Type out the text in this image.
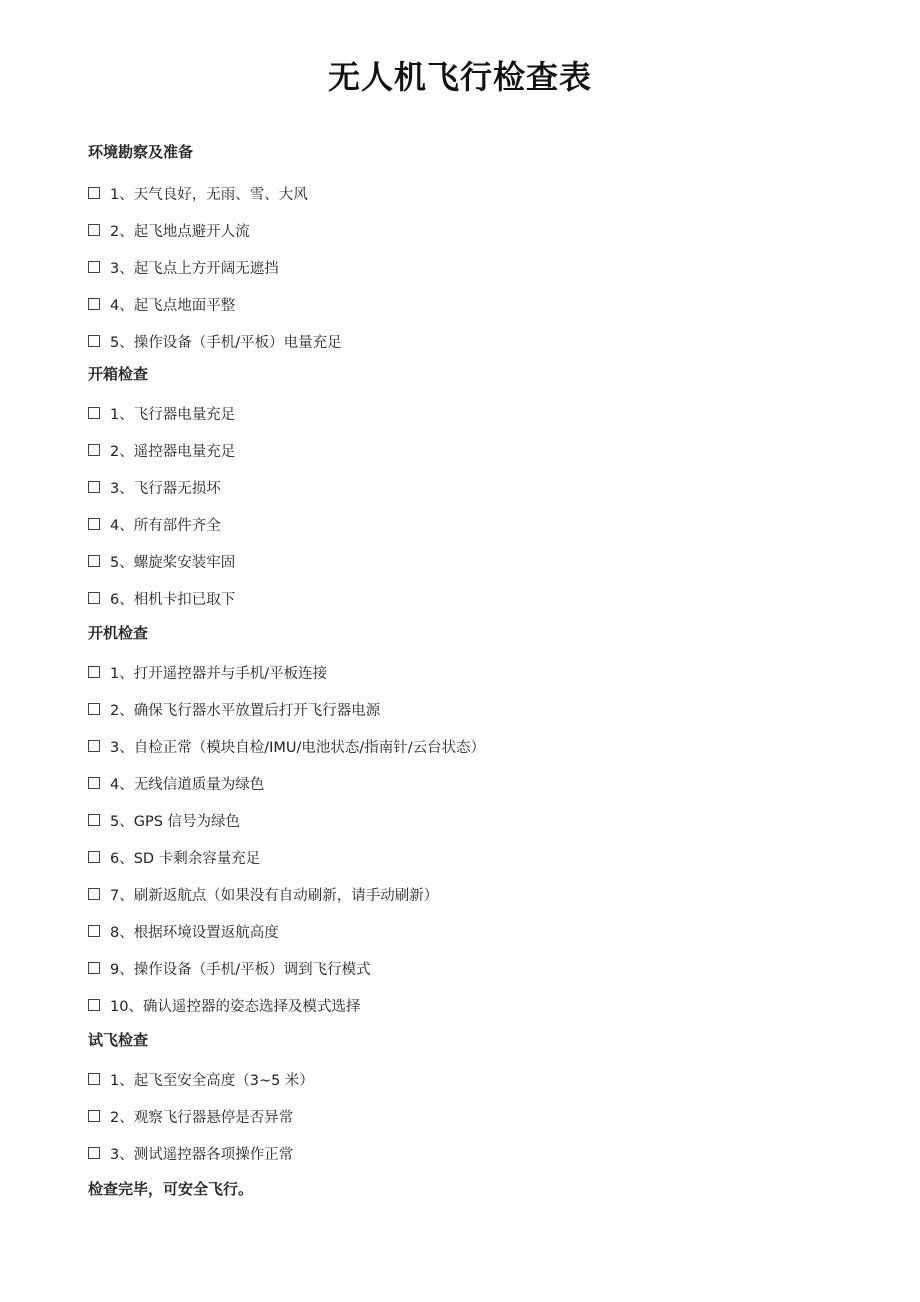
无人机飞行检查表
环境勘察及准备
1、天气良好，无雨、雪、大风
2、起飞地点避开人流
3、起飞点上方开阔无遮挡
4、起飞点地面平整
5、操作设备（手机/平板）电量充足
开箱检查
1、飞行器电量充足
2、遥控器电量充足
3、飞行器无损坏
4、所有部件齐全
5、螺旋桨安装牢固
6、相机卡扣已取下
开机检查
1、打开遥控器并与手机/平板连接
2、确保飞行器水平放置后打开飞行器电源
3、自检正常（模块自检/IMU/电池状态/指南针/云台状态）
4、无线信道质量为绿色
5、GPS 信号为绿色
6、SD 卡剩余容量充足
7、刷新返航点（如果没有自动刷新，请手动刷新）
8、根据环境设置返航高度
9、操作设备（手机/平板）调到飞行模式
10、确认遥控器的姿态选择及模式选择
试飞检查
1、起飞至安全高度（3~5 米）
2、观察飞行器悬停是否异常
3、测试遥控器各项操作正常
检查完毕，可安全飞行。
